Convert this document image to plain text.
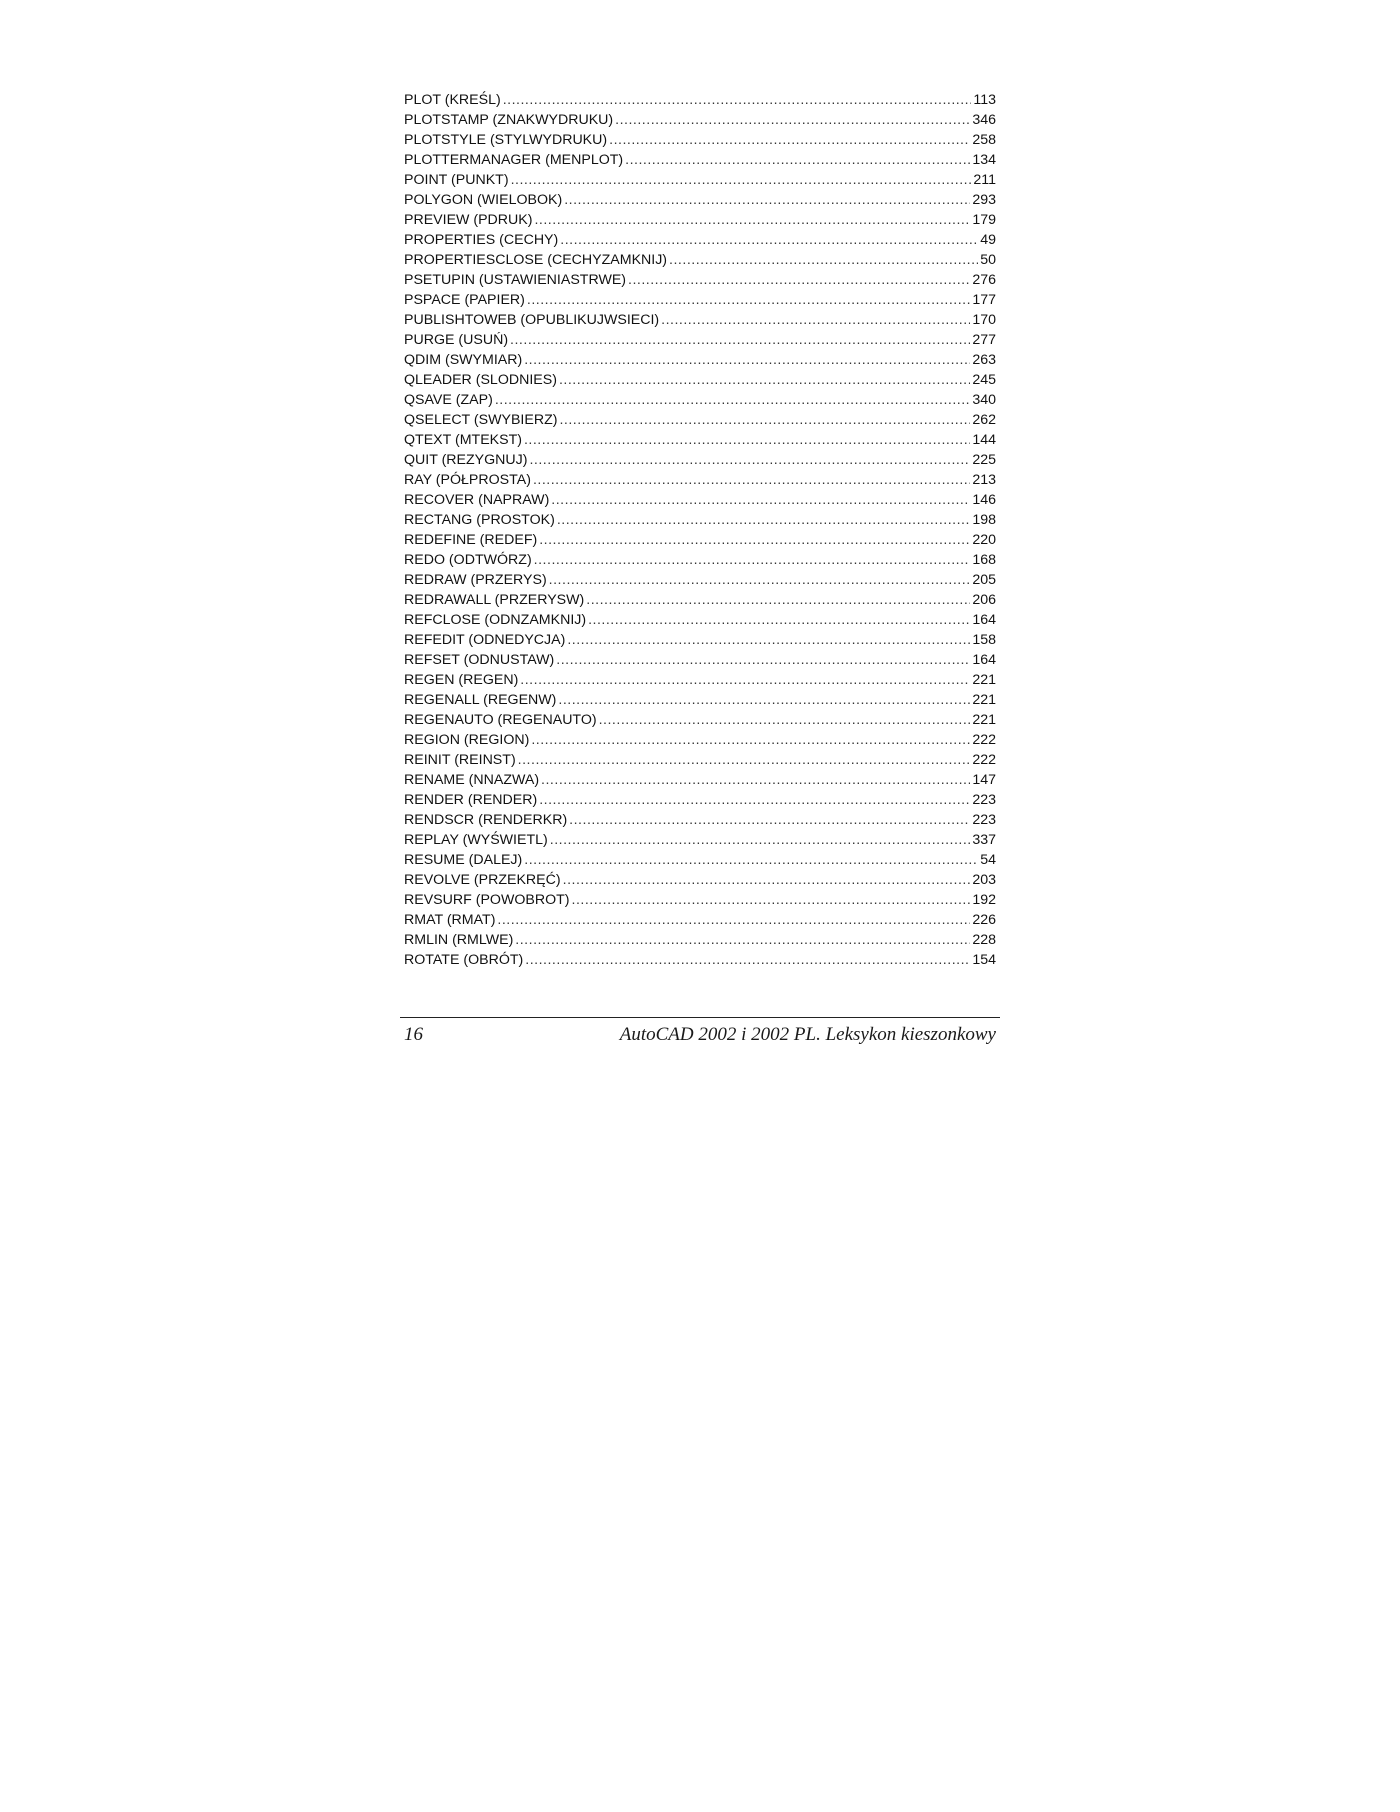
PLOT (KREŚL) .....	113
PLOTSTAMP (ZNAKWYDRUKU) .....	346
PLOTSTYLE (STYLWYDRUKU) .....	258
PLOTTERMANAGER (MENPLOT) .....	134
POINT (PUNKT) .....	211
POLYGON (WIELOBOK) .....	293
PREVIEW (PDRUK) .....	179
PROPERTIES (CECHY) .....	49
PROPERTIESCLOSE (CECHYZAMKNIJ) .....	50
PSETUPIN (USTAWIENIASTRWE) .....	276
PSPACE (PAPIER) .....	177
PUBLISHTOWEB (OPUBLIKUJWSIECI) .....	170
PURGE (USUŃ) .....	277
QDIM (SWYMIAR) .....	263
QLEADER (SLODNIES) .....	245
QSAVE (ZAP) .....	340
QSELECT (SWYBIERZ) .....	262
QTEXT (MTEKST) .....	144
QUIT (REZYGNUJ) .....	225
RAY (PÓŁPROSTA) .....	213
RECOVER (NAPRAW) .....	146
RECTANG (PROSTOK) .....	198
REDEFINE (REDEF) .....	220
REDO (ODTWÓRZ) .....	168
REDRAW (PRZERYS) .....	205
REDRAWALL (PRZERYSW) .....	206
REFCLOSE (ODNZAMKNIJ) .....	164
REFEDIT (ODNEDYCJA) .....	158
REFSET (ODNUSTAW) .....	164
REGEN (REGEN) .....	221
REGENALL (REGENW) .....	221
REGENAUTO (REGENAUTO) .....	221
REGION (REGION) .....	222
REINIT (REINST) .....	222
RENAME (NNAZWA) .....	147
RENDER (RENDER) .....	223
RENDSCR (RENDERKR) .....	223
REPLAY (WYŚWIETL) .....	337
RESUME (DALEJ) .....	54
REVOLVE (PRZEKRĘĆ) .....	203
REVSURF (POWOBROT) .....	192
RMAT (RMAT) .....	226
RMLIN (RMLWE) .....	228
ROTATE (OBRÓT) .....	154
16	AutoCAD 2002 i 2002 PL. Leksykon kieszonkowy
